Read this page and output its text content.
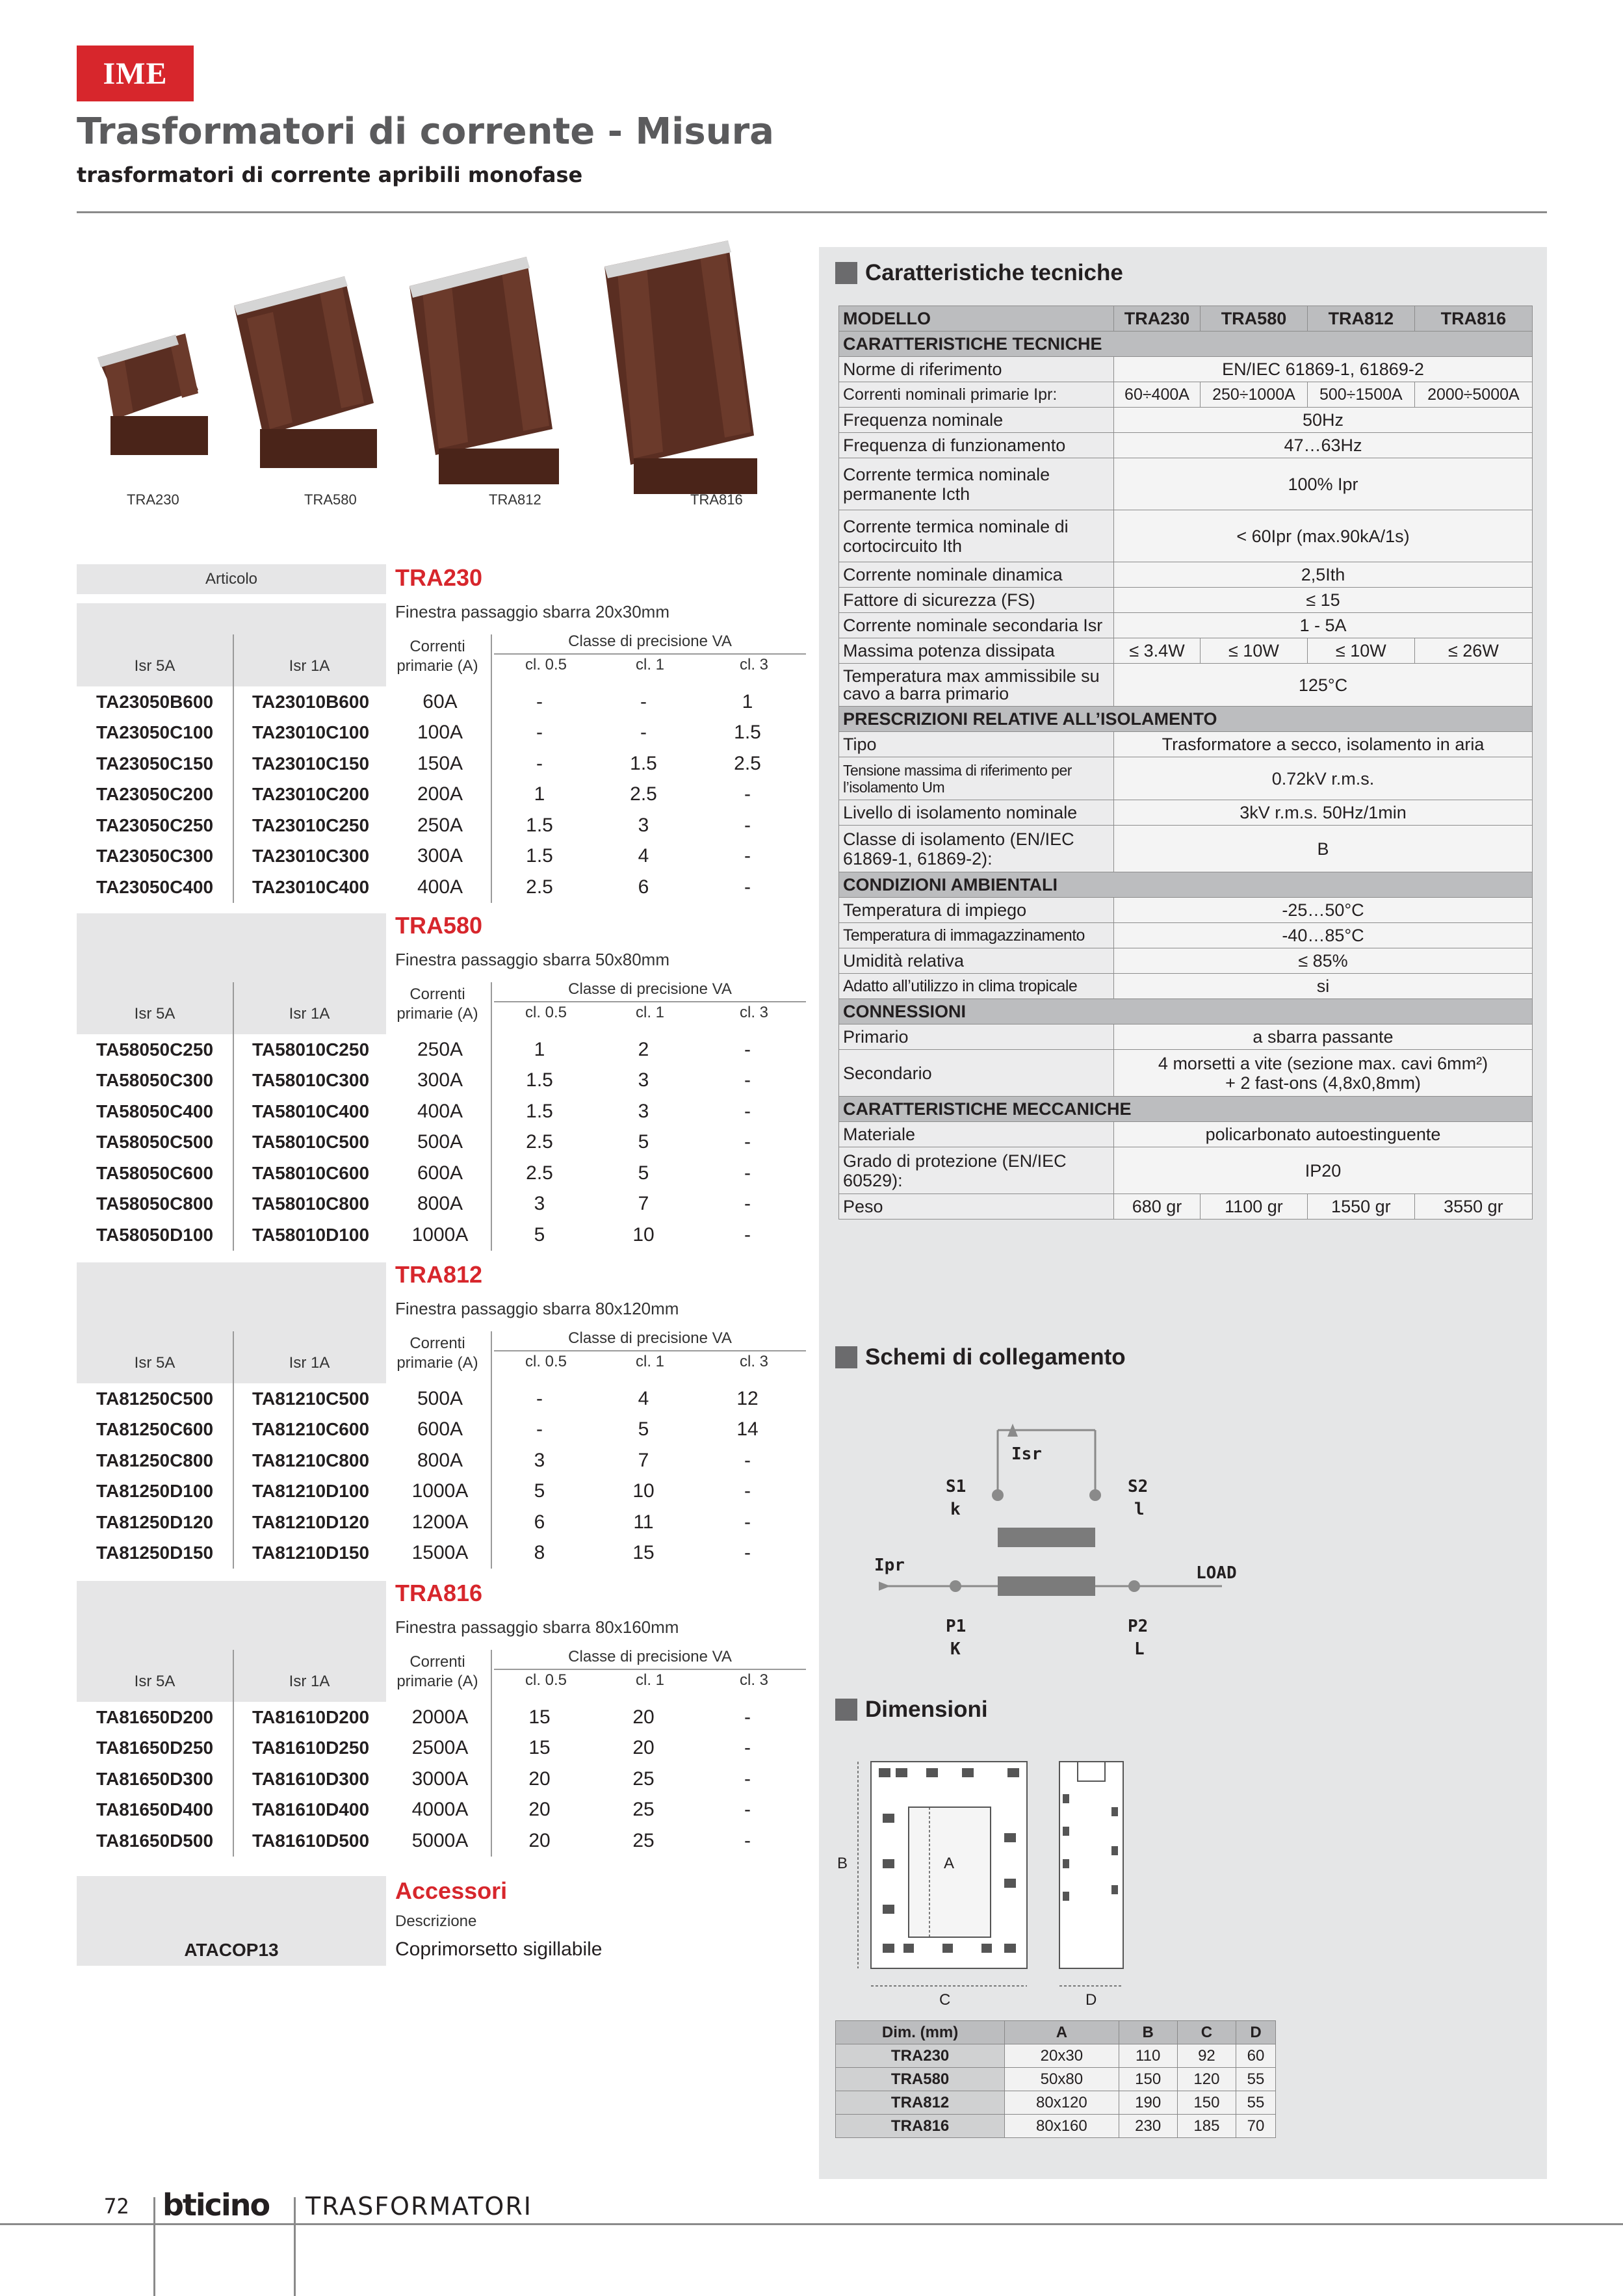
IME
Trasformatori di corrente - Misura
trasformatori di corrente apribili monofase
TRA230	TRA580	TRA812	TRA816
Articolo	TRA230
Finestra passaggio sbarra 20x30mm
Isr 5A	Isr 1A
Correnti
primarie (A)
Classe di precisione VA
cl. 0.5	cl. 1	cl. 3
TA23050B600	TA23010B600	60A	-	-	1
TA23050C100	TA23010C100	100A	-	-	1.5
TA23050C150	TA23010C150	150A	-	1.5	2.5
TA23050C200	TA23010C200	200A	1	2.5	-
TA23050C250	TA23010C250	250A	1.5	3	-
TA23050C300	TA23010C300	300A	1.5	4	-
TA23050C400	TA23010C400	400A	2.5	6	-
TRA580
Finestra passaggio sbarra 50x80mm
Isr 5A	Isr 1A
Correnti
primarie (A)
Classe di precisione VA
cl. 0.5	cl. 1	cl. 3
TA58050C250	TA58010C250	250A	1	2	-
TA58050C300	TA58010C300	300A	1.5	3	-
TA58050C400	TA58010C400	400A	1.5	3	-
TA58050C500	TA58010C500	500A	2.5	5	-
TA58050C600	TA58010C600	600A	2.5	5	-
TA58050C800	TA58010C800	800A	3	7	-
TA58050D100	TA58010D100	1000A	5	10	-
TRA812
Finestra passaggio sbarra 80x120mm
Isr 5A	Isr 1A
Correnti
primarie (A)
Classe di precisione VA
cl. 0.5	cl. 1	cl. 3
TA81250C500	TA81210C500	500A	-	4	12
TA81250C600	TA81210C600	600A	-	5	14
TA81250C800	TA81210C800	800A	3	7	-
TA81250D100	TA81210D100	1000A	5	10	-
TA81250D120	TA81210D120	1200A	6	11	-
TA81250D150	TA81210D150	1500A	8	15	-
TRA816
Finestra passaggio sbarra 80x160mm
Isr 5A	Isr 1A
Correnti
primarie (A)
Classe di precisione VA
cl. 0.5	cl. 1	cl. 3
TA81650D200	TA81610D200	2000A	15	20	-
TA81650D250	TA81610D250	2500A	15	20	-
TA81650D300	TA81610D300	3000A	20	25	-
TA81650D400	TA81610D400	4000A	20	25	-
TA81650D500	TA81610D500	5000A	20	25	-
Accessori
Descrizione
ATACOP13	Coprimorsetto sigillabile
Caratteristiche tecniche
MODELLO	TRA230	TRA580	TRA812	TRA816
CARATTERISTICHE TECNICHE				
Norme di riferimento	EN/IEC 61869-1, 61869-2			
Correnti nominali primarie Ipr:	60÷400A	250÷1000A	500÷1500A	2000÷5000A
Frequenza nominale	50Hz			
Frequenza di funzionamento	47…63Hz			
Corrente termica nominale permanente Icth	100% Ipr			
Corrente termica nominale di cortocircuito Ith	< 60Ipr (max.90kA/1s)			
Corrente nominale dinamica	2,5Ith			
Fattore di sicurezza (FS)	≤ 15			
Corrente nominale secondaria Isr	1 - 5A			
Massima potenza dissipata	≤ 3.4W	≤ 10W	≤ 10W	≤ 26W
Temperatura max ammissibile su cavo a barra primario	125°C			
PRESCRIZIONI RELATIVE ALL’ISOLAMENTO				
Tipo	Trasformatore a secco, isolamento in aria			
Tensione massima di riferimento per l’isolamento Um	0.72kV r.m.s.			
Livello di isolamento nominale	3kV r.m.s. 50Hz/1min			
Classe di isolamento (EN/IEC 61869-1, 61869-2):	B			
CONDIZIONI AMBIENTALI				
Temperatura di impiego	-25…50°C			
Temperatura di immagazzinamento	-40…85°C			
Umidità relativa	≤ 85%			
Adatto all’utilizzo in clima tropicale	si			
CONNESSIONI				
Primario	a sbarra passante			
Secondario	4 morsetti a vite (sezione max. cavi 6mm²)
+ 2 fast-ons (4,8x0,8mm)			

CARATTERISTICHE MECCANICHE				
Materiale	policarbonato autoestinguente			
Grado di protezione (EN/IEC 60529):	IP20			
Peso	680 gr	1100 gr	1550 gr	3550 gr
Schemi di collegamento
Isr
S1
k
S2
l
Ipr	LOAD
P1
K
P2
L
Dimensioni
B	A
C	D
Dim. (mm)	A	B	C	D
TRA230	20x30	110	92	60
TRA580	50x80	150	120	55
TRA812	80x120	190	150	55
TRA816	80x160	230	185	70
72 bticino TRASFORMATORI
